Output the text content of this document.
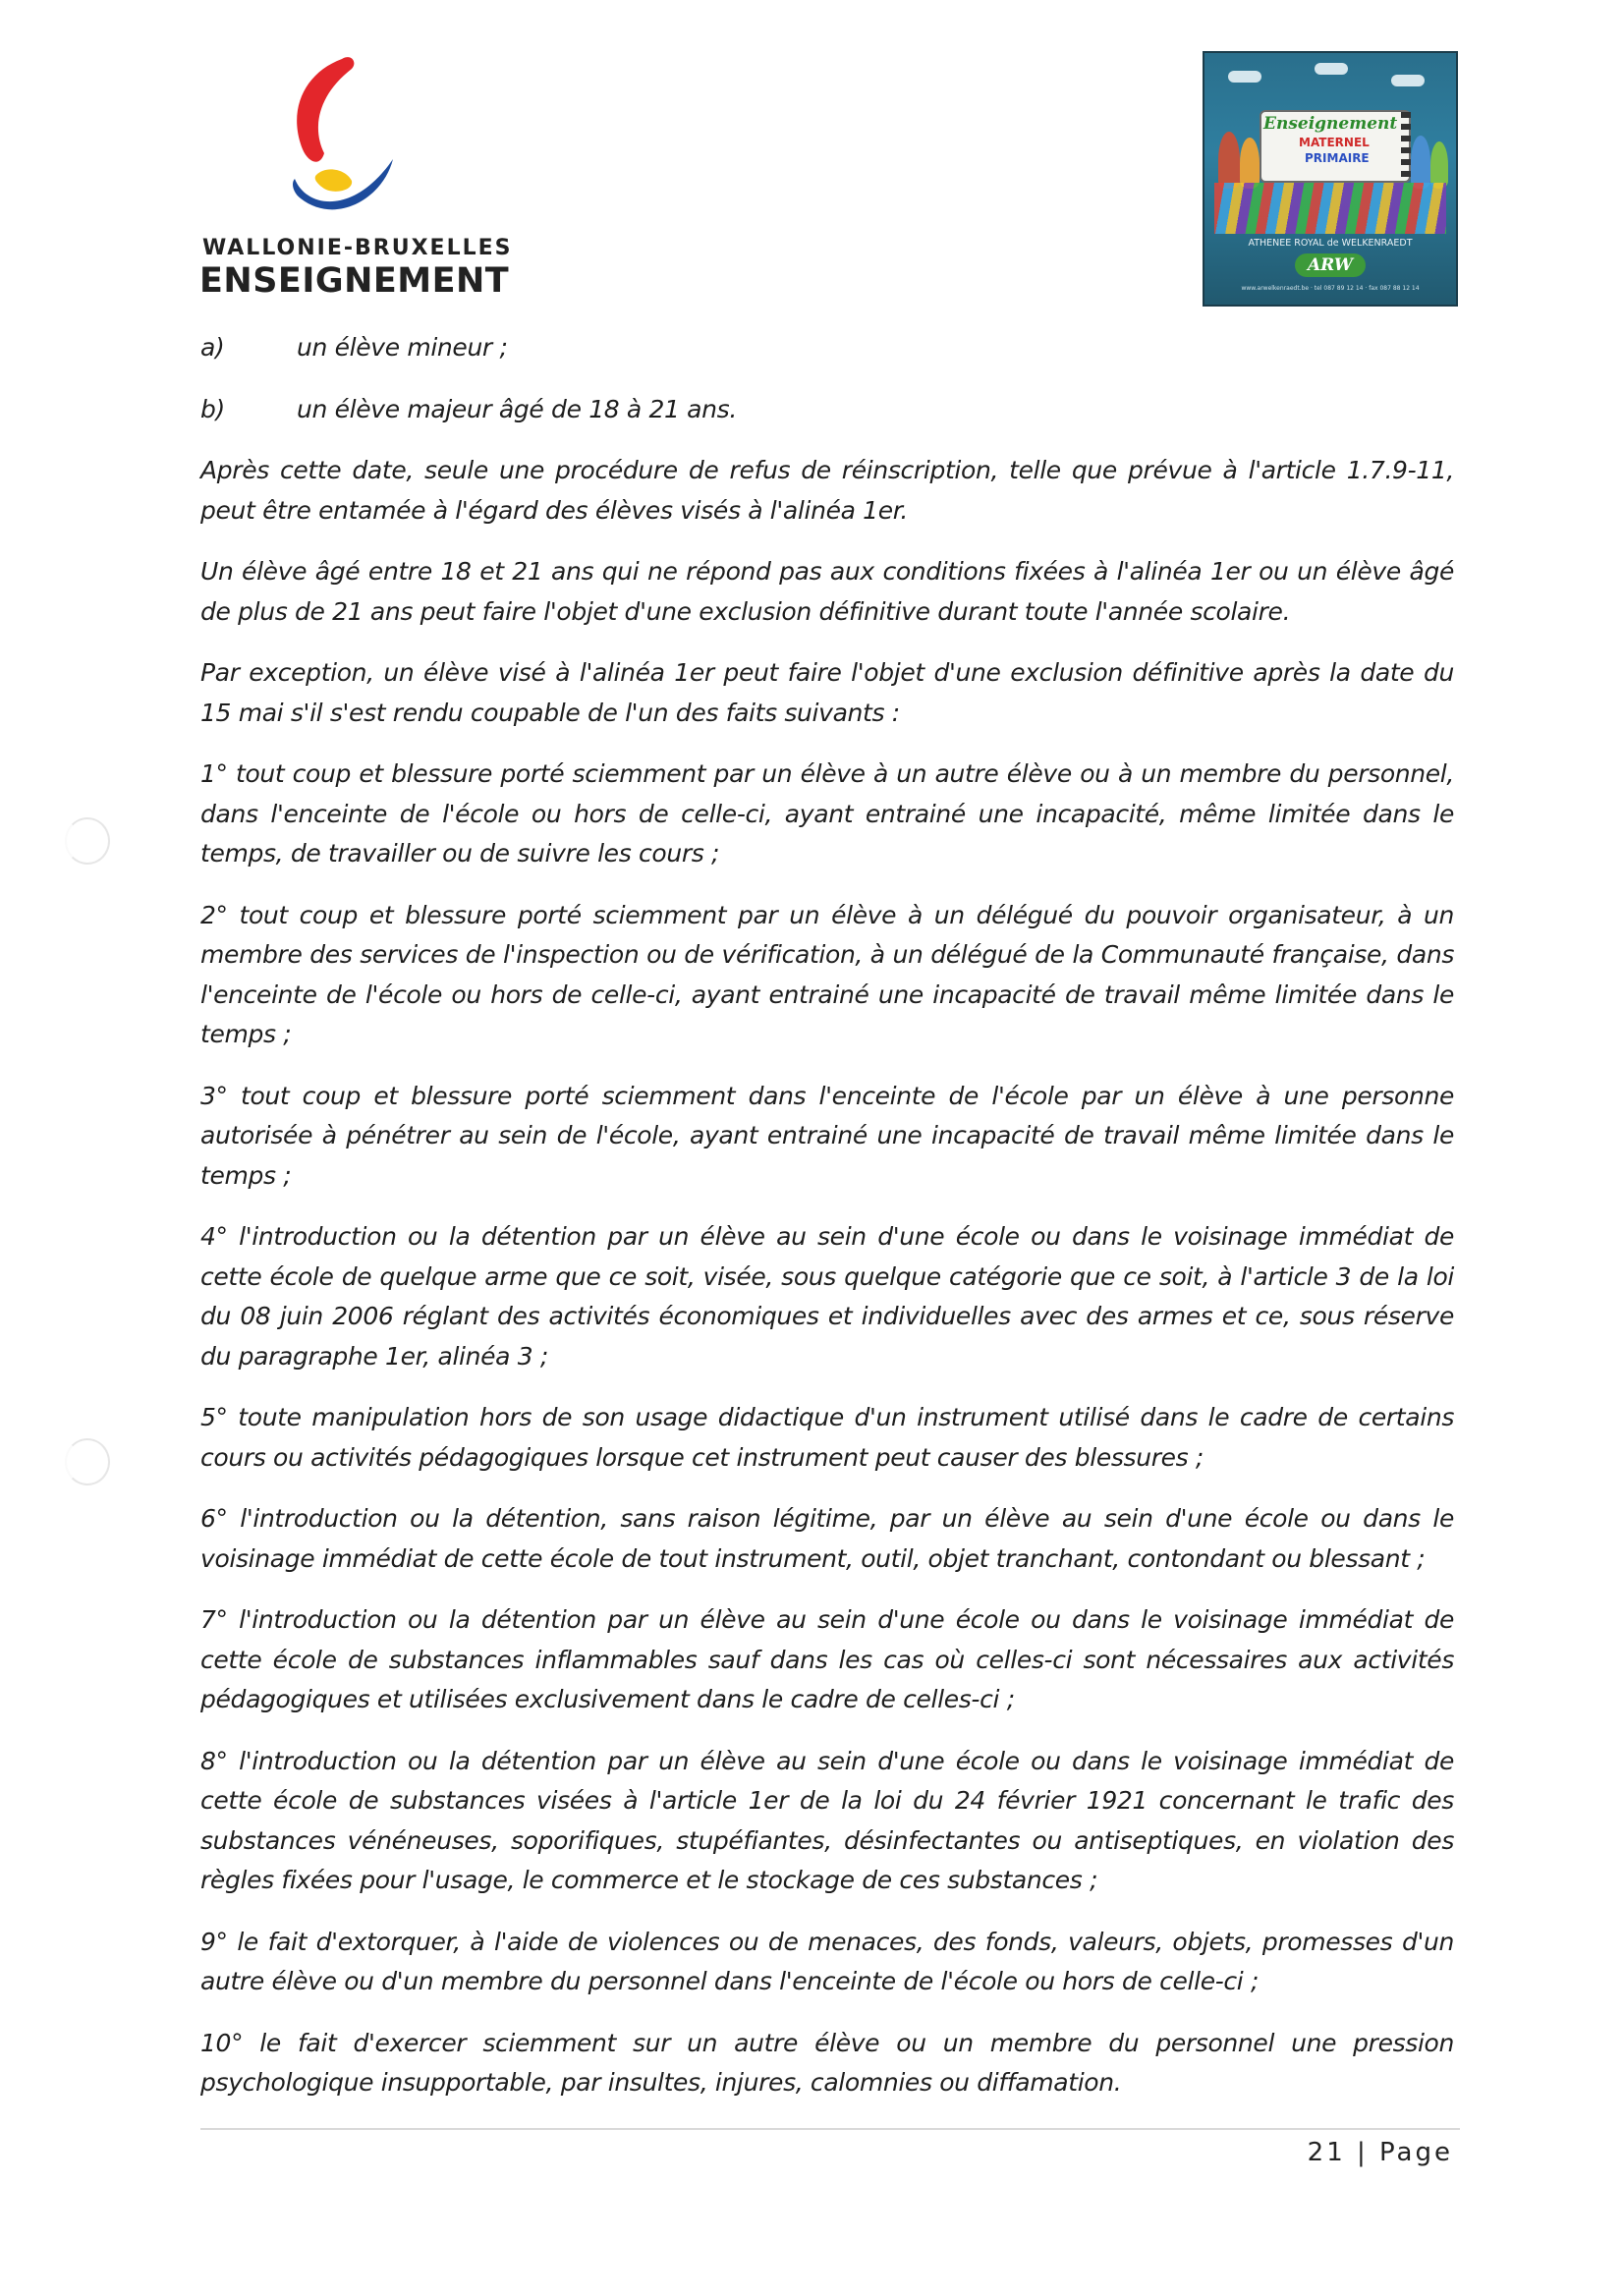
WALLONIE-BRUXELLES
ENSEIGNEMENT
Enseignement
MATERNEL
PRIMAIRE
ATHENEE ROYAL de WELKENRAEDT
ARW
www.arwelkenraedt.be · tel 087 89 12 14 · fax 087 88 12 14
a)	un élève mineur ;
b)	un élève majeur âgé de 18 à 21 ans.

Après cette date, seule une procédure de refus de réinscription, telle que prévue à l'article 1.7.9-11, peut être entamée à l'égard des élèves visés à l'alinéa 1er.

Un élève âgé entre 18 et 21 ans qui ne répond pas aux conditions fixées à l'alinéa 1er ou un élève âgé de plus de 21 ans peut faire l'objet d'une exclusion définitive durant toute l'année scolaire.

Par exception, un élève visé à l'alinéa 1er peut faire l'objet d'une exclusion définitive après la date du 15 mai s'il s'est rendu coupable de l'un des faits suivants :

1° tout coup et blessure porté sciemment par un élève à un autre élève ou à un membre du personnel, dans l'enceinte de l'école ou hors de celle-ci, ayant entrainé une incapacité, même limitée dans le temps, de travailler ou de suivre les cours ;

2° tout coup et blessure porté sciemment par un élève à un délégué du pouvoir organisateur, à un membre des services de l'inspection ou de vérification, à un délégué de la Communauté française, dans l'enceinte de l'école ou hors de celle-ci, ayant entrainé une incapacité de travail même limitée dans le temps ;

3° tout coup et blessure porté sciemment dans l'enceinte de l'école par un élève à une personne autorisée à pénétrer au sein de l'école, ayant entrainé une incapacité de travail même limitée dans le temps ;

4° l'introduction ou la détention par un élève au sein d'une école ou dans le voisinage immédiat de cette école de quelque arme que ce soit, visée, sous quelque catégorie que ce soit, à l'article 3 de la loi du 08 juin 2006 réglant des activités économiques et individuelles avec des armes et ce, sous réserve du paragraphe 1er, alinéa 3 ;

5° toute manipulation hors de son usage didactique d'un instrument utilisé dans le cadre de certains cours ou activités pédagogiques lorsque cet instrument peut causer des blessures ;

6° l'introduction ou la détention, sans raison légitime, par un élève au sein d'une école ou dans le voisinage immédiat de cette école de tout instrument, outil, objet tranchant, contondant ou blessant ;

7° l'introduction ou la détention par un élève au sein d'une école ou dans le voisinage immédiat de cette école de substances inflammables sauf dans les cas où celles-ci sont nécessaires aux activités pédagogiques et utilisées exclusivement dans le cadre de celles-ci ;

8° l'introduction ou la détention par un élève au sein d'une école ou dans le voisinage immédiat de cette école de substances visées à l'article 1er de la loi du 24 février 1921 concernant le trafic des substances vénéneuses, soporifiques, stupéfiantes, désinfectantes ou antiseptiques, en violation des règles fixées pour l'usage, le commerce et le stockage de ces substances ;

9° le fait d'extorquer, à l'aide de violences ou de menaces, des fonds, valeurs, objets, promesses d'un autre élève ou d'un membre du personnel dans l'enceinte de l'école ou hors de celle-ci ;

10° le fait d'exercer sciemment sur un autre élève ou un membre du personnel une pression psychologique insupportable, par insultes, injures, calomnies ou diffamation.

21 | Page
